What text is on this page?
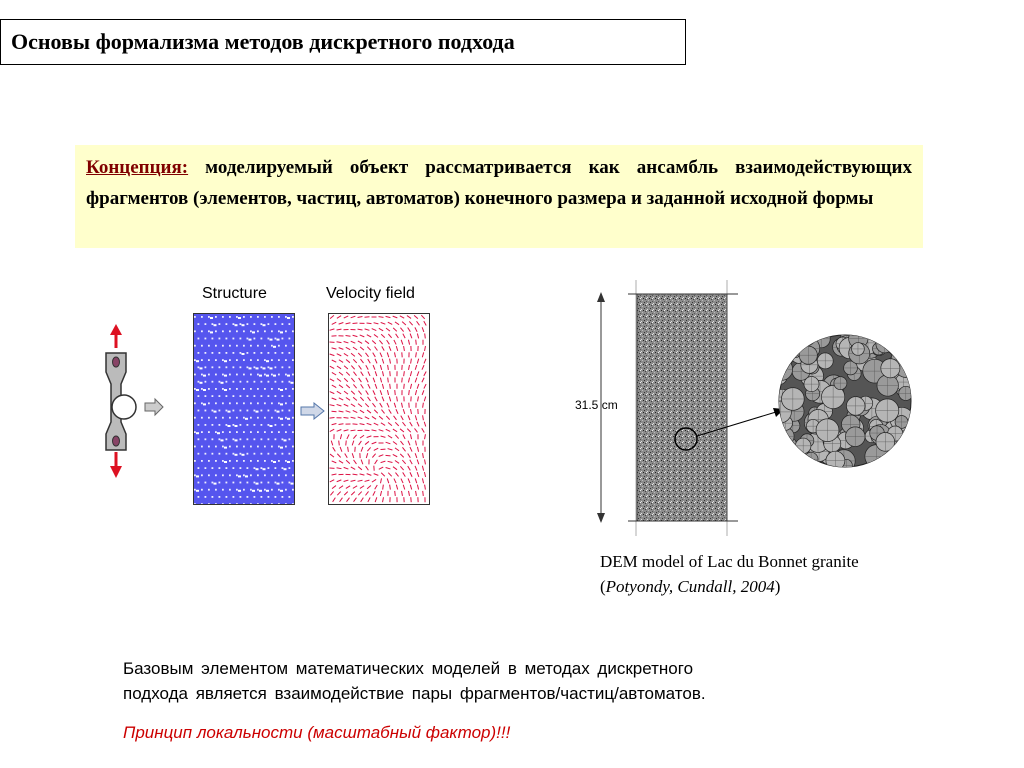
Основы формализма методов дискретного подхода
Концепция: моделируемый объект рассматривается как ансамбль взаимодействующих фрагментов (элементов, частиц, автоматов) конечного размера и заданной исходной формы
Structure	Velocity field
31.5 cm
DEM model of Lac du Bonnet granite
(Potyondy, Cundall, 2004)
Базовым элементом математических моделей в методах дискретного
подхода является взаимодействие пары фрагментов/частиц/автоматов.
Принцип локальности (масштабный фактор)!!!
